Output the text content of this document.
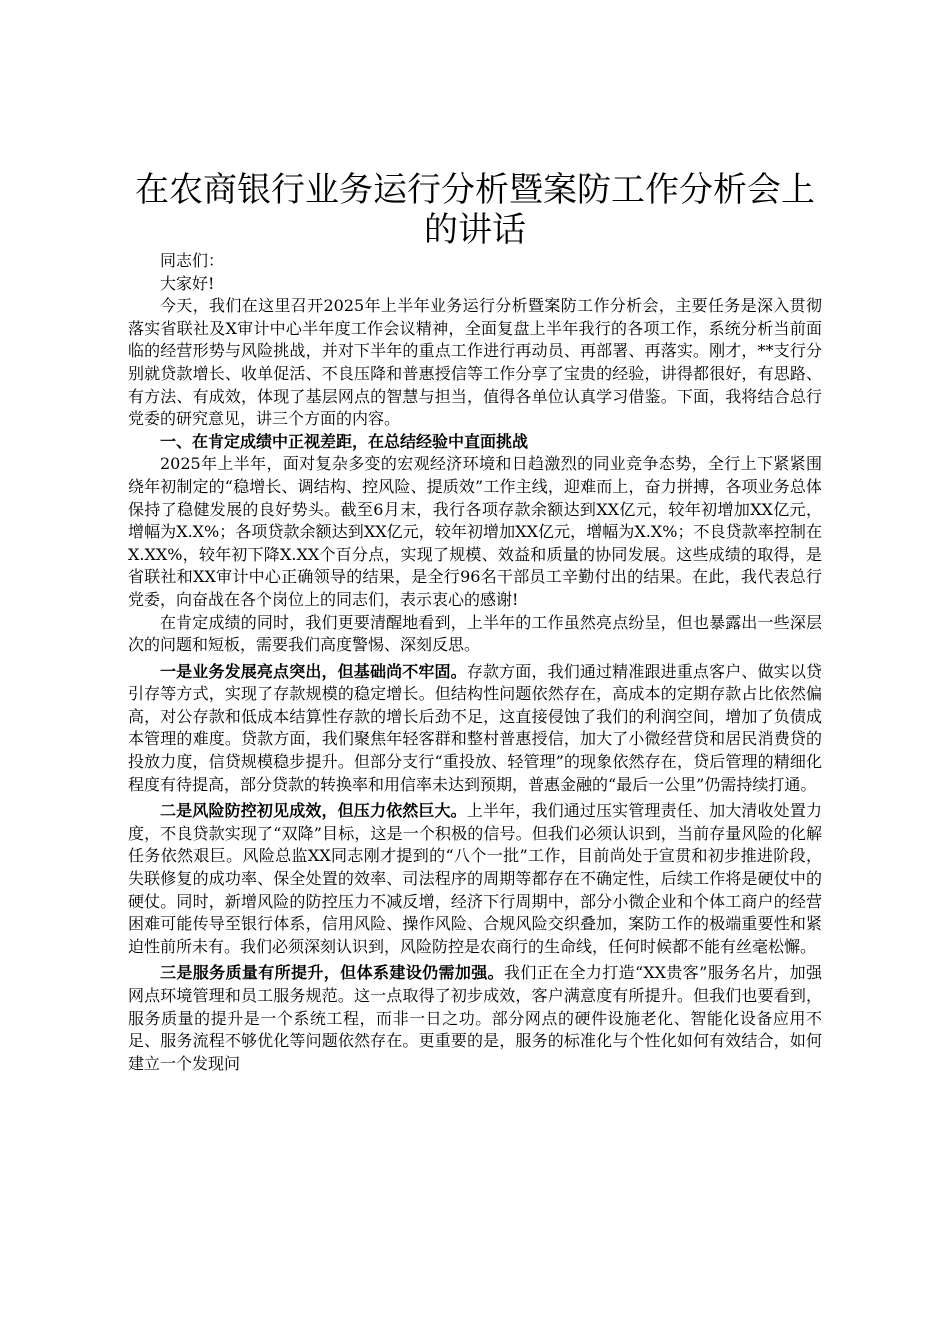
在农商银行业务运行分析暨案防工作分析会上
的讲话

同志们：

大家好!

今天，我们在这里召开2025年上半年业务运行分析暨案防工作分析会，主要任务是深入贯彻落实省联社及X审计中心半年度工作会议精神，全面复盘上半年我行的各项工作，系统分析当前面临的经营形势与风险挑战，并对下半年的重点工作进行再动员、再部署、再落实。刚才，**支行分别就贷款增长、收单促活、不良压降和普惠授信等工作分享了宝贵的经验，讲得都很好，有思路、有方法、有成效，体现了基层网点的智慧与担当，值得各单位认真学习借鉴。下面，我将结合总行党委的研究意见，讲三个方面的内容。

一、在肯定成绩中正视差距，在总结经验中直面挑战

2025年上半年，面对复杂多变的宏观经济环境和日趋激烈的同业竞争态势，全行上下紧紧围绕年初制定的“稳增长、调结构、控风险、提质效”工作主线，迎难而上，奋力拼搏，各项业务总体保持了稳健发展的良好势头。截至6月末，我行各项存款余额达到XX亿元，较年初增加XX亿元，增幅为X.X%；各项贷款余额达到XX亿元，较年初增加XX亿元，增幅为X.X%；不良贷款率控制在X.XX%，较年初下降X.XX个百分点，实现了规模、效益和质量的协同发展。这些成绩的取得，是省联社和XX审计中心正确领导的结果，是全行96名干部员工辛勤付出的结果。在此，我代表总行党委，向奋战在各个岗位上的同志们，表示衷心的感谢!

在肯定成绩的同时，我们更要清醒地看到，上半年的工作虽然亮点纷呈，但也暴露出一些深层次的问题和短板，需要我们高度警惕、深刻反思。

一是业务发展亮点突出，但基础尚不牢固。存款方面，我们通过精准跟进重点客户、做实以贷引存等方式，实现了存款规模的稳定增长。但结构性问题依然存在，高成本的定期存款占比依然偏高，对公存款和低成本结算性存款的增长后劲不足，这直接侵蚀了我们的利润空间，增加了负债成本管理的难度。贷款方面，我们聚焦年轻客群和整村普惠授信，加大了小微经营贷和居民消费贷的投放力度，信贷规模稳步提升。但部分支行“重投放、轻管理”的现象依然存在，贷后管理的精细化程度有待提高，部分贷款的转换率和用信率未达到预期，普惠金融的“最后一公里”仍需持续打通。

二是风险防控初见成效，但压力依然巨大。上半年，我们通过压实管理责任、加大清收处置力度，不良贷款实现了“双降”目标，这是一个积极的信号。但我们必须认识到，当前存量风险的化解任务依然艰巨。风险总监XX同志刚才提到的“八个一批”工作，目前尚处于宣贯和初步推进阶段，失联修复的成功率、保全处置的效率、司法程序的周期等都存在不确定性，后续工作将是硬仗中的硬仗。同时，新增风险的防控压力不减反增，经济下行周期中，部分小微企业和个体工商户的经营困难可能传导至银行体系，信用风险、操作风险、合规风险交织叠加，案防工作的极端重要性和紧迫性前所未有。我们必须深刻认识到，风险防控是农商行的生命线，任何时候都不能有丝毫松懈。

三是服务质量有所提升，但体系建设仍需加强。我们正在全力打造“XX贵客”服务名片，加强网点环境管理和员工服务规范。这一点取得了初步成效，客户满意度有所提升。但我们也要看到，服务质量的提升是一个系统工程，而非一日之功。部分网点的硬件设施老化、智能化设备应用不足、服务流程不够优化等问题依然存在。更重要的是，服务的标准化与个性化如何有效结合，如何建立一个发现问
